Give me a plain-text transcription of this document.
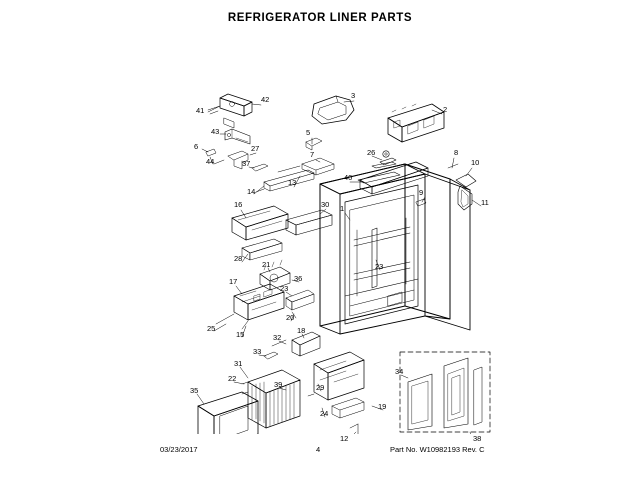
REFRIGERATOR LINER PARTS
41
42
43
6	27
37
44
14
13
5
3
2
26
7
40
8
10
9
11
16	30 1
28
21
36
23
17
23
20
25
15	32
18
33
31
22
39
35	29
24
34
19
12	38
03/23/2017	4	Part No. W10982193 Rev. C
